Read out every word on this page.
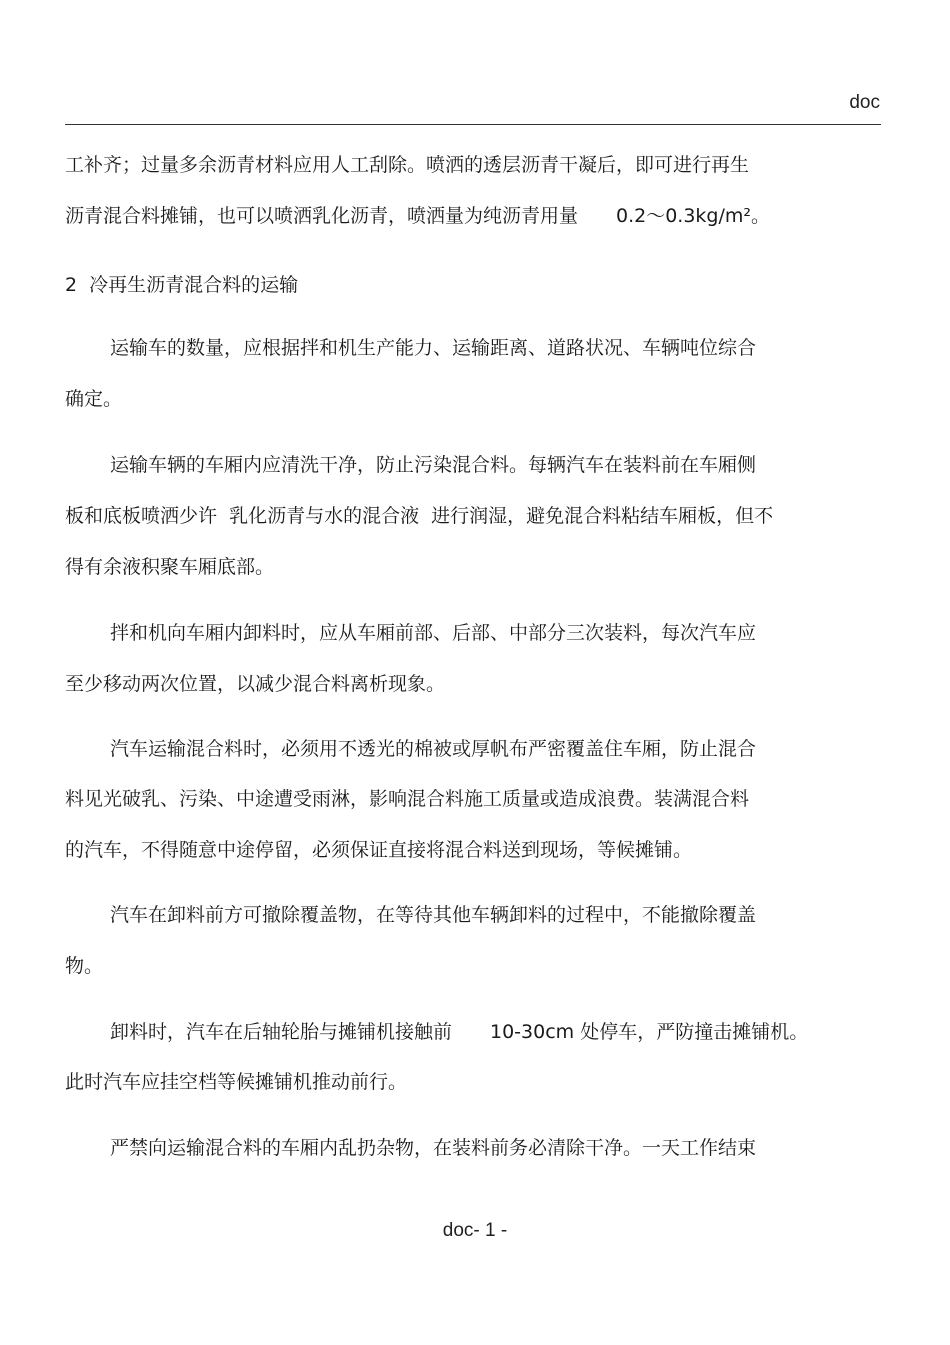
doc
工补齐；过量多余沥青材料应用人工刮除。喷洒的透层沥青干凝后，即可进行再生
沥青混合料摊铺，也可以喷洒乳化沥青，喷洒量为纯沥青用量　　0.2～0.3kg/m²。
2  冷再生沥青混合料的运输
运输车的数量，应根据拌和机生产能力、运输距离、道路状况、车辆吨位综合
确定。
运输车辆的车厢内应清洗干净，防止污染混合料。每辆汽车在装料前在车厢侧
板和底板喷洒少许  乳化沥青与水的混合液  进行润湿，避免混合料粘结车厢板，但不
得有余液积聚车厢底部。
拌和机向车厢内卸料时，应从车厢前部、后部、中部分三次装料，每次汽车应
至少移动两次位置，以减少混合料离析现象。
汽车运输混合料时，必须用不透光的棉被或厚帆布严密覆盖住车厢，防止混合
料见光破乳、污染、中途遭受雨淋，影响混合料施工质量或造成浪费。装满混合料
的汽车，不得随意中途停留，必须保证直接将混合料送到现场，等候摊铺。
汽车在卸料前方可撤除覆盖物，在等待其他车辆卸料的过程中，不能撤除覆盖
物。
卸料时，汽车在后轴轮胎与摊铺机接触前　　10-30cm 处停车，严防撞击摊铺机。
此时汽车应挂空档等候摊铺机推动前行。
严禁向运输混合料的车厢内乱扔杂物，在装料前务必清除干净。一天工作结束
doc- 1 -
